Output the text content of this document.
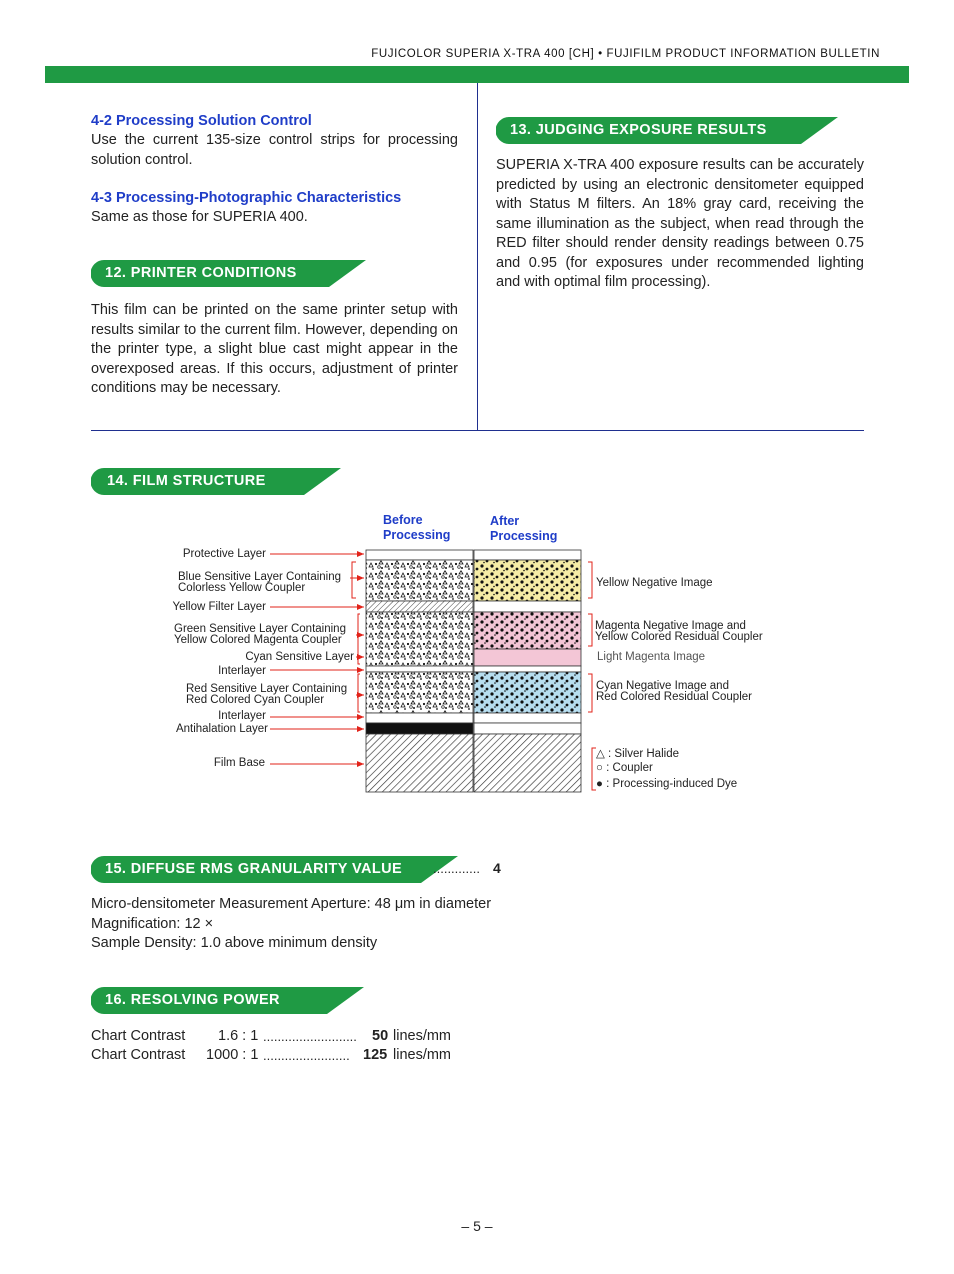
FUJICOLOR SUPERIA X-TRA 400 [CH] • FUJIFILM PRODUCT INFORMATION BULLETIN
4-2 Processing Solution Control
Use the current 135-size control strips for processing solution control.
4-3 Processing-Photographic Characteristics
Same as those for SUPERIA 400.
12. PRINTER CONDITIONS
This film can be printed on the same printer setup with results similar to the current film. However, depending on the printer type, a slight blue cast might appear in the overexposed areas. If this occurs, adjustment of printer conditions may be necessary.
13. JUDGING EXPOSURE RESULTS
SUPERIA X-TRA 400 exposure results can be accurately predicted by using an electronic densitometer equipped with Status M filters. An 18% gray card, receiving the same illumination as the subject, when read through the RED filter should render density readings between 0.75 and 0.95 (for exposures under recommended lighting and with optimal film processing).
14. FILM STRUCTURE
Before Processing
After Processing
Protective Layer
Blue Sensitive Layer Containing
Colorless Yellow Coupler
Yellow Filter Layer
Green Sensitive Layer Containing
Yellow Colored Magenta Coupler
Cyan Sensitive Layer
Interlayer
Red Sensitive Layer Containing
Red Colored Cyan Coupler
Interlayer
Antihalation Layer
Film Base
Yellow Negative Image
Magenta Negative Image and
Yellow Colored Residual Coupler
Light Magenta Image
Cyan Negative Image and
Red Colored Residual Coupler
△ : Silver Halide
○ : Coupler
● : Processing-induced Dye
15. DIFFUSE RMS GRANULARITY VALUE ............. 4
Micro-densitometer Measurement Aperture: 48 μm in diameter
Magnification: 12 ×
Sample Density: 1.0 above minimum density
16. RESOLVING POWER
Chart Contrast 1.6 : 1 .......................... 50 lines/mm
Chart Contrast 1000 : 1 ........................ 125 lines/mm
– 5 –
